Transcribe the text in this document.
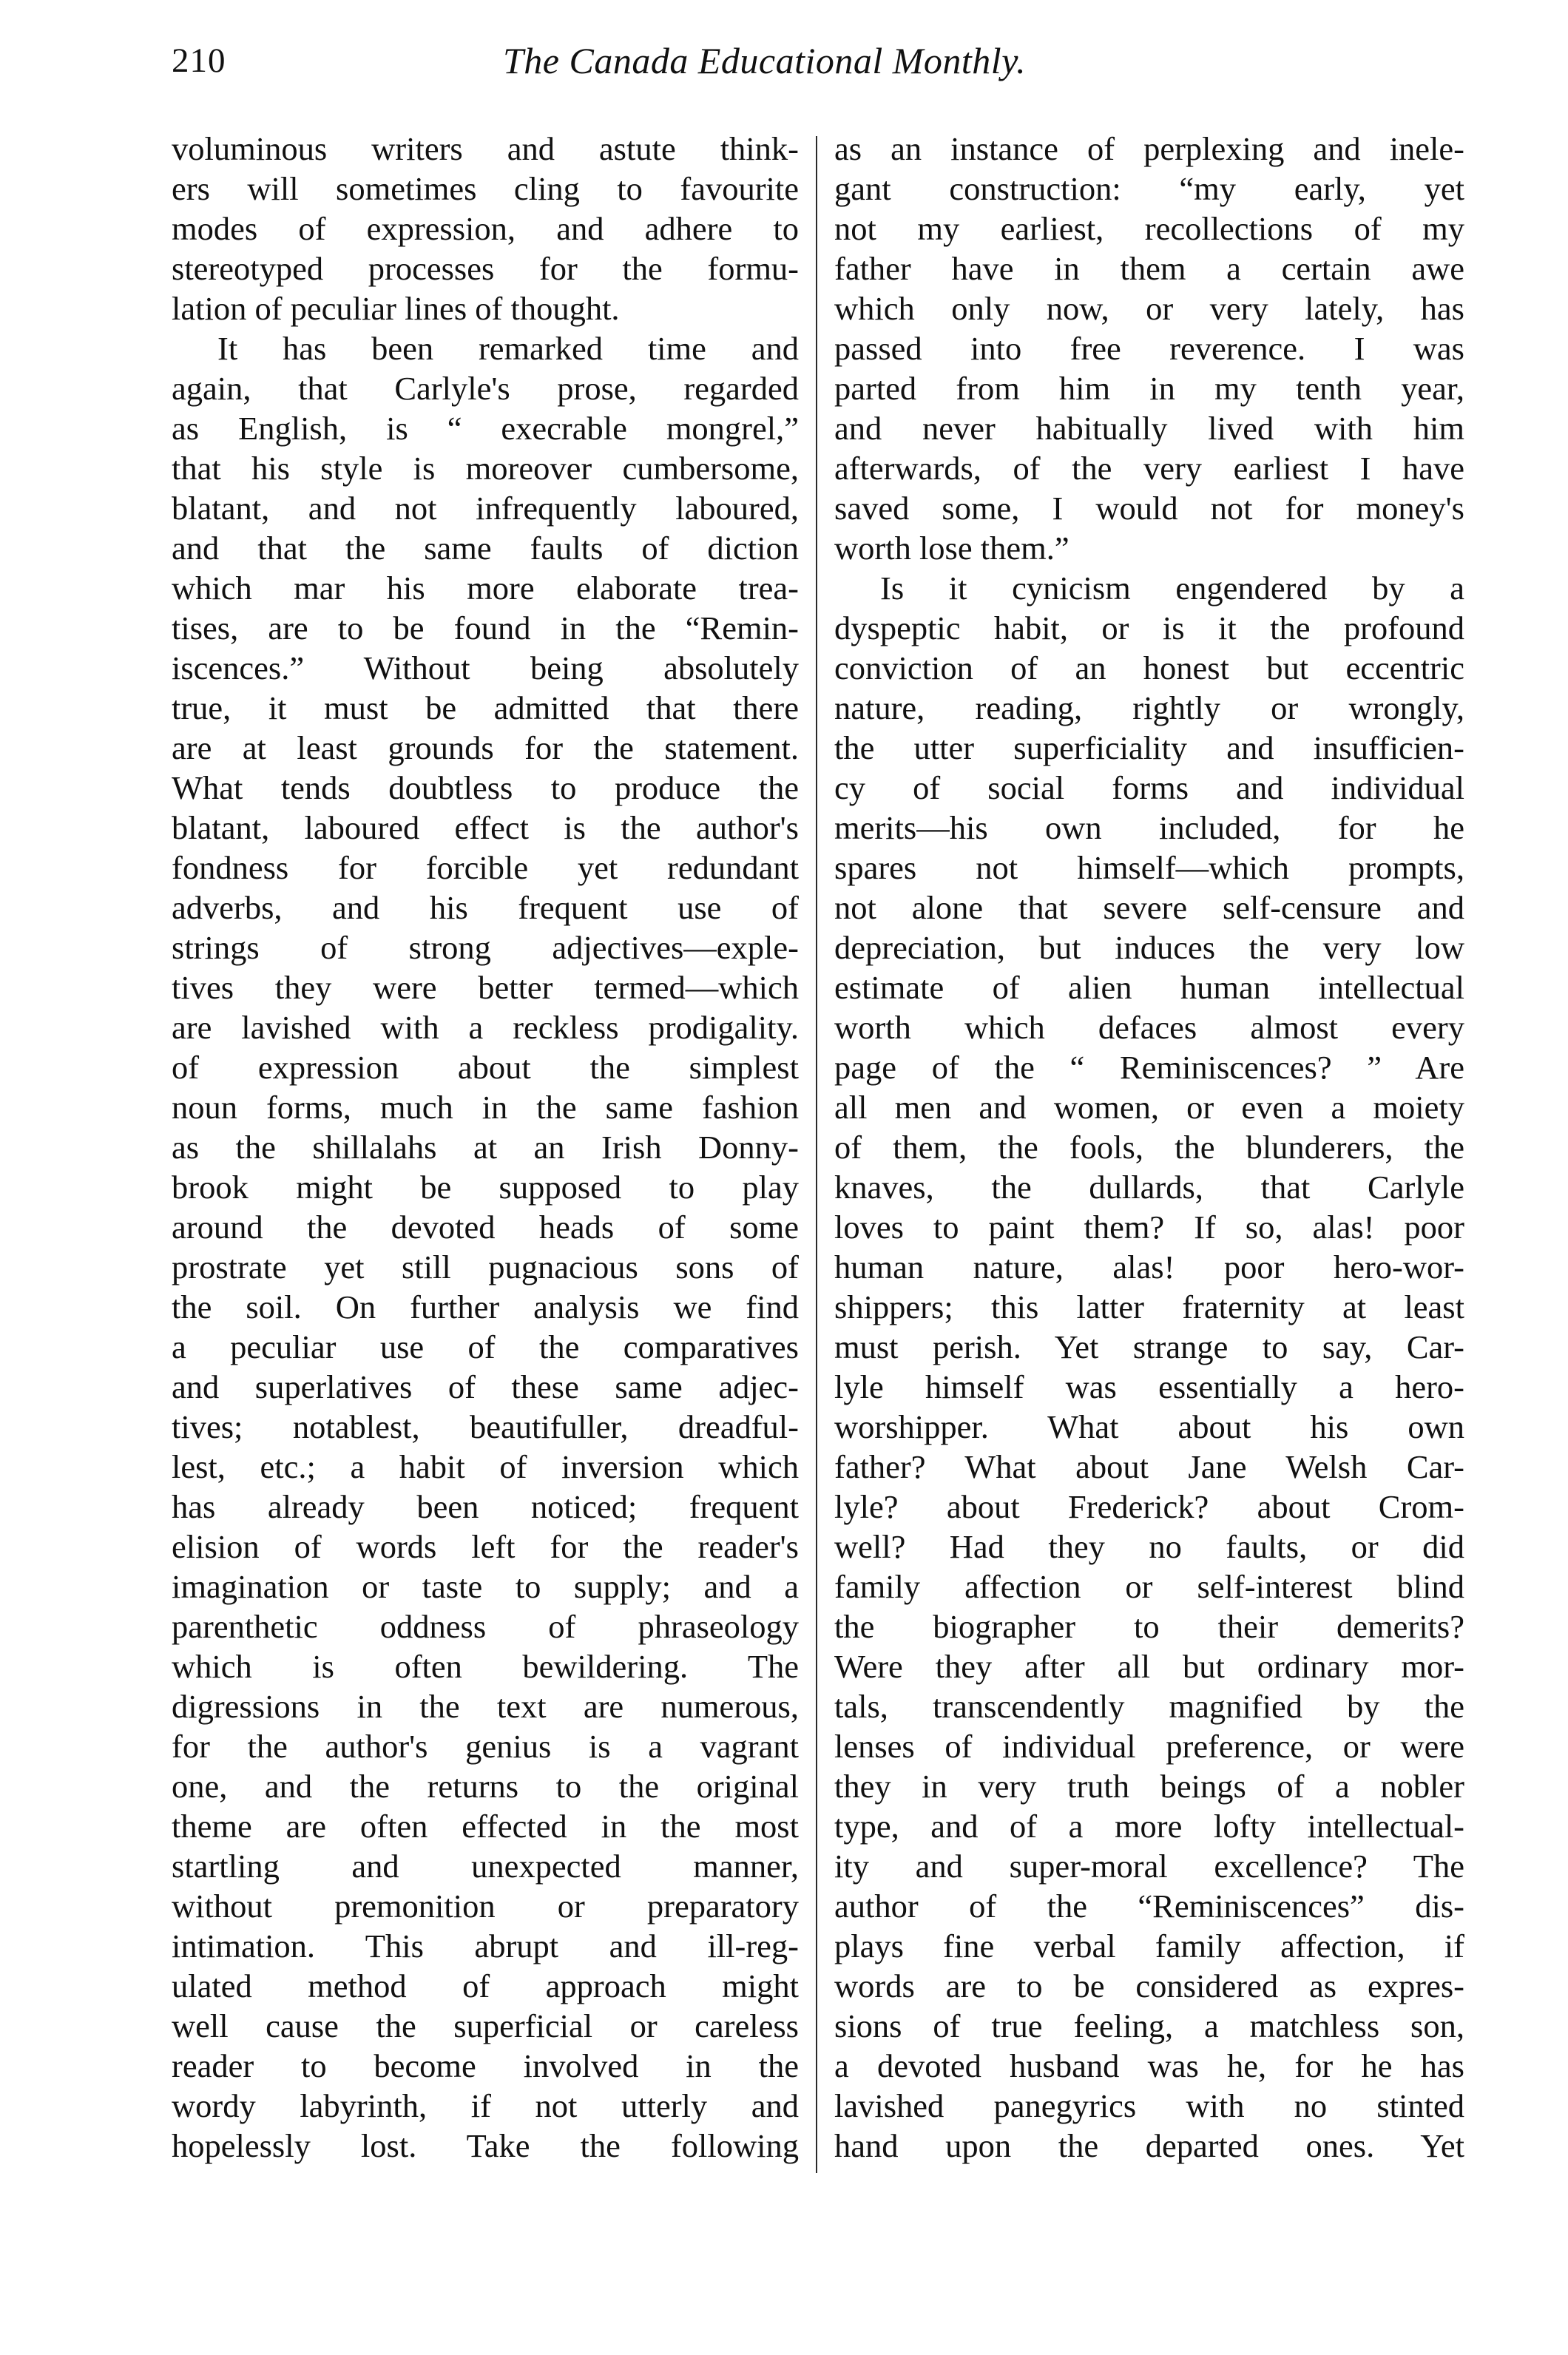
210	The Canada Educational Monthly.
voluminous writers and astute think-
ers will sometimes cling to favourite
modes of expression, and adhere to
stereotyped processes for the formu-
lation of peculiar lines of thought.
It has been remarked time and
again, that Carlyle's prose, regarded
as English, is “ execrable mongrel,”
that his style is moreover cumbersome,
blatant, and not infrequently laboured,
and that the same faults of diction
which mar his more elaborate trea-
tises, are to be found in the “Remin-
iscences.” Without being absolutely
true, it must be admitted that there
are at least grounds for the statement.
What tends doubtless to produce the
blatant, laboured effect is the author's
fondness for forcible yet redundant
adverbs, and his frequent use of
strings of strong adjectives—exple-
tives they were better termed—which
are lavished with a reckless prodigality.
of expression about the simplest
noun forms, much in the same fashion
as the shillalahs at an Irish Donny-
brook might be supposed to play
around the devoted heads of some
prostrate yet still pugnacious sons of
the soil. On further analysis we find
a peculiar use of the comparatives
and superlatives of these same adjec-
tives; notablest, beautifuller, dreadful-
lest, etc.; a habit of inversion which
has already been noticed; frequent
elision of words left for the reader's
imagination or taste to supply; and a
parenthetic oddness of phraseology
which is often bewildering. The
digressions in the text are numerous,
for the author's genius is a vagrant
one, and the returns to the original
theme are often effected in the most
startling and unexpected manner,
without premonition or preparatory
intimation. This abrupt and ill-reg-
ulated method of approach might
well cause the superficial or careless
reader to become involved in the
wordy labyrinth, if not utterly and
hopelessly lost. Take the following
as an instance of perplexing and inele-
gant construction: “my early, yet
not my earliest, recollections of my
father have in them a certain awe
which only now, or very lately, has
passed into free reverence. I was
parted from him in my tenth year,
and never habitually lived with him
afterwards, of the very earliest I have
saved some, I would not for money's
worth lose them.”
Is it cynicism engendered by a
dyspeptic habit, or is it the profound
conviction of an honest but eccentric
nature, reading, rightly or wrongly,
the utter superficiality and insufficien-
cy of social forms and individual
merits—his own included, for he
spares not himself—which prompts,
not alone that severe self-censure and
depreciation, but induces the very low
estimate of alien human intellectual
worth which defaces almost every
page of the “ Reminiscences? ” Are
all men and women, or even a moiety
of them, the fools, the blunderers, the
knaves, the dullards, that Carlyle
loves to paint them? If so, alas! poor
human nature, alas! poor hero-wor-
shippers; this latter fraternity at least
must perish. Yet strange to say, Car-
lyle himself was essentially a hero-
worshipper. What about his own
father? What about Jane Welsh Car-
lyle? about Frederick? about Crom-
well? Had they no faults, or did
family affection or self-interest blind
the biographer to their demerits?
Were they after all but ordinary mor-
tals, transcendently magnified by the
lenses of individual preference, or were
they in very truth beings of a nobler
type, and of a more lofty intellectual-
ity and super-moral excellence? The
author of the “Reminiscences” dis-
plays fine verbal family affection, if
words are to be considered as expres-
sions of true feeling, a matchless son,
a devoted husband was he, for he has
lavished panegyrics with no stinted
hand upon the departed ones. Yet
